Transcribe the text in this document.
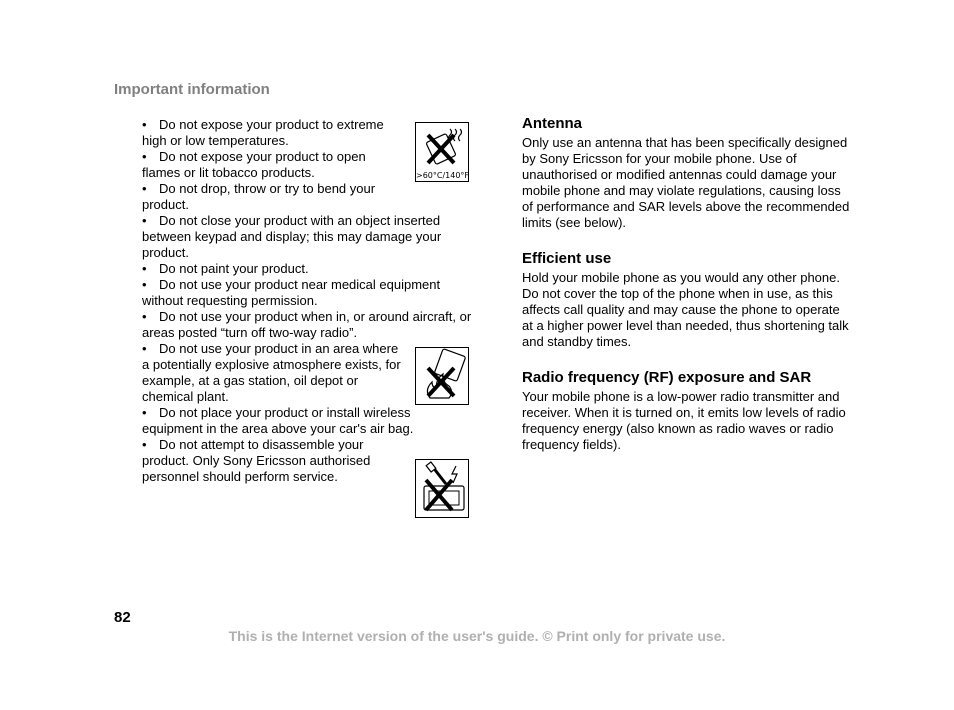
Important information

• Do not expose your product to extreme high or low temperatures.

• Do not expose your product to open flames or lit tobacco products.

• Do not drop, throw or try to bend your product.

• Do not close your product with an object inserted between keypad and display; this may damage your product.

• Do not paint your product.

• Do not use your product near medical equipment without requesting permission.

• Do not use your product when in, or around aircraft, or areas posted “turn off two-way radio”.

• Do not use your product in an area where a potentially explosive atmosphere exists, for example, at a gas station, oil depot or chemical plant.

• Do not place your product or install wireless equipment in the area above your car's air bag.

• Do not attempt to disassemble your product. Only Sony Ericsson authorised personnel should perform service.

>60°C/140°F
Antenna

Only use an antenna that has been specifically designed by Sony Ericsson for your mobile phone. Use of unauthorised or modified antennas could damage your mobile phone and may violate regulations, causing loss of performance and SAR levels above the recommended limits (see below).

Efficient use

Hold your mobile phone as you would any other phone. Do not cover the top of the phone when in use, as this affects call quality and may cause the phone to operate at a higher power level than needed, thus shortening talk and standby times.

Radio frequency (RF) exposure and SAR

Your mobile phone is a low-power radio transmitter and receiver. When it is turned on, it emits low levels of radio frequency energy (also known as radio waves or radio frequency fields).

82
This is the Internet version of the user's guide. © Print only for private use.
